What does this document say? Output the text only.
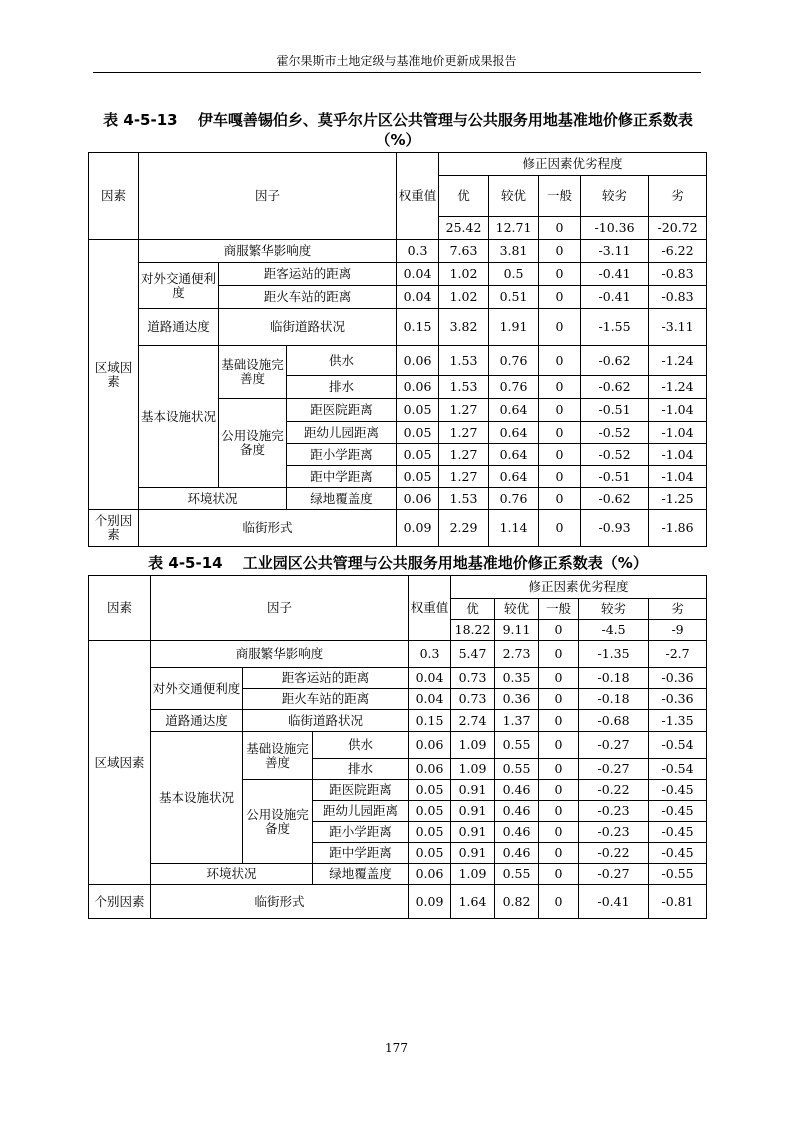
霍尔果斯市土地定级与基准地价更新成果报告
表 4-5-13　 伊车嘎善锡伯乡、莫乎尔片区公共管理与公共服务用地基准地价修正系数表（%）
因素	因子			权重值	修正因素优劣程度				
					优	较优	一般	较劣	劣

					25.42	12.71	0	-10.36	-20.72
区域因素	商服繁华影响度			0.3	7.63	3.81	0	-3.11	-6.22
	对外交通便利度	距客运站的距离		0.04	1.02	0.5	0	-0.41	-0.83
		距火车站的距离		0.04	1.02	0.51	0	-0.41	-0.83
	道路通达度	临街道路状况		0.15	3.82	1.91	0	-1.55	-3.11
	基本设施状况	基础设施完善度	供水	0.06	1.53	0.76	0	-0.62	-1.24
			排水	0.06	1.53	0.76	0	-0.62	-1.24
		公用设施完备度	距医院距离	0.05	1.27	0.64	0	-0.51	-1.04
			距幼儿园距离	0.05	1.27	0.64	0	-0.52	-1.04
			距小学距离	0.05	1.27	0.64	0	-0.52	-1.04
			距中学距离	0.05	1.27	0.64	0	-0.51	-1.04
	环境状况		绿地覆盖度	0.06	1.53	0.76	0	-0.62	-1.25
个别因素	临街形式			0.09	2.29	1.14	0	-0.93	-1.86
表 4-5-14　 工业园区公共管理与公共服务用地基准地价修正系数表（%）
因素	因子			权重值	修正因素优劣程度				
					优	较优	一般	较劣	劣
					18.22	9.11	0	-4.5	-9
区域因素	商服繁华影响度			0.3	5.47	2.73	0	-1.35	-2.7
	对外交通便利度	距客运站的距离		0.04	0.73	0.35	0	-0.18	-0.36
		距火车站的距离		0.04	0.73	0.36	0	-0.18	-0.36
	道路通达度	临街道路状况		0.15	2.74	1.37	0	-0.68	-1.35
	基本设施状况	基础设施完善度	供水	0.06	1.09	0.55	0	-0.27	-0.54
			排水	0.06	1.09	0.55	0	-0.27	-0.54
		公用设施完备度	距医院距离	0.05	0.91	0.46	0	-0.22	-0.45
			距幼儿园距离	0.05	0.91	0.46	0	-0.23	-0.45
			距小学距离	0.05	0.91	0.46	0	-0.23	-0.45
			距中学距离	0.05	0.91	0.46	0	-0.22	-0.45
	环境状况		绿地覆盖度	0.06	1.09	0.55	0	-0.27	-0.55
个别因素	临街形式			0.09	1.64	0.82	0	-0.41	-0.81
177
